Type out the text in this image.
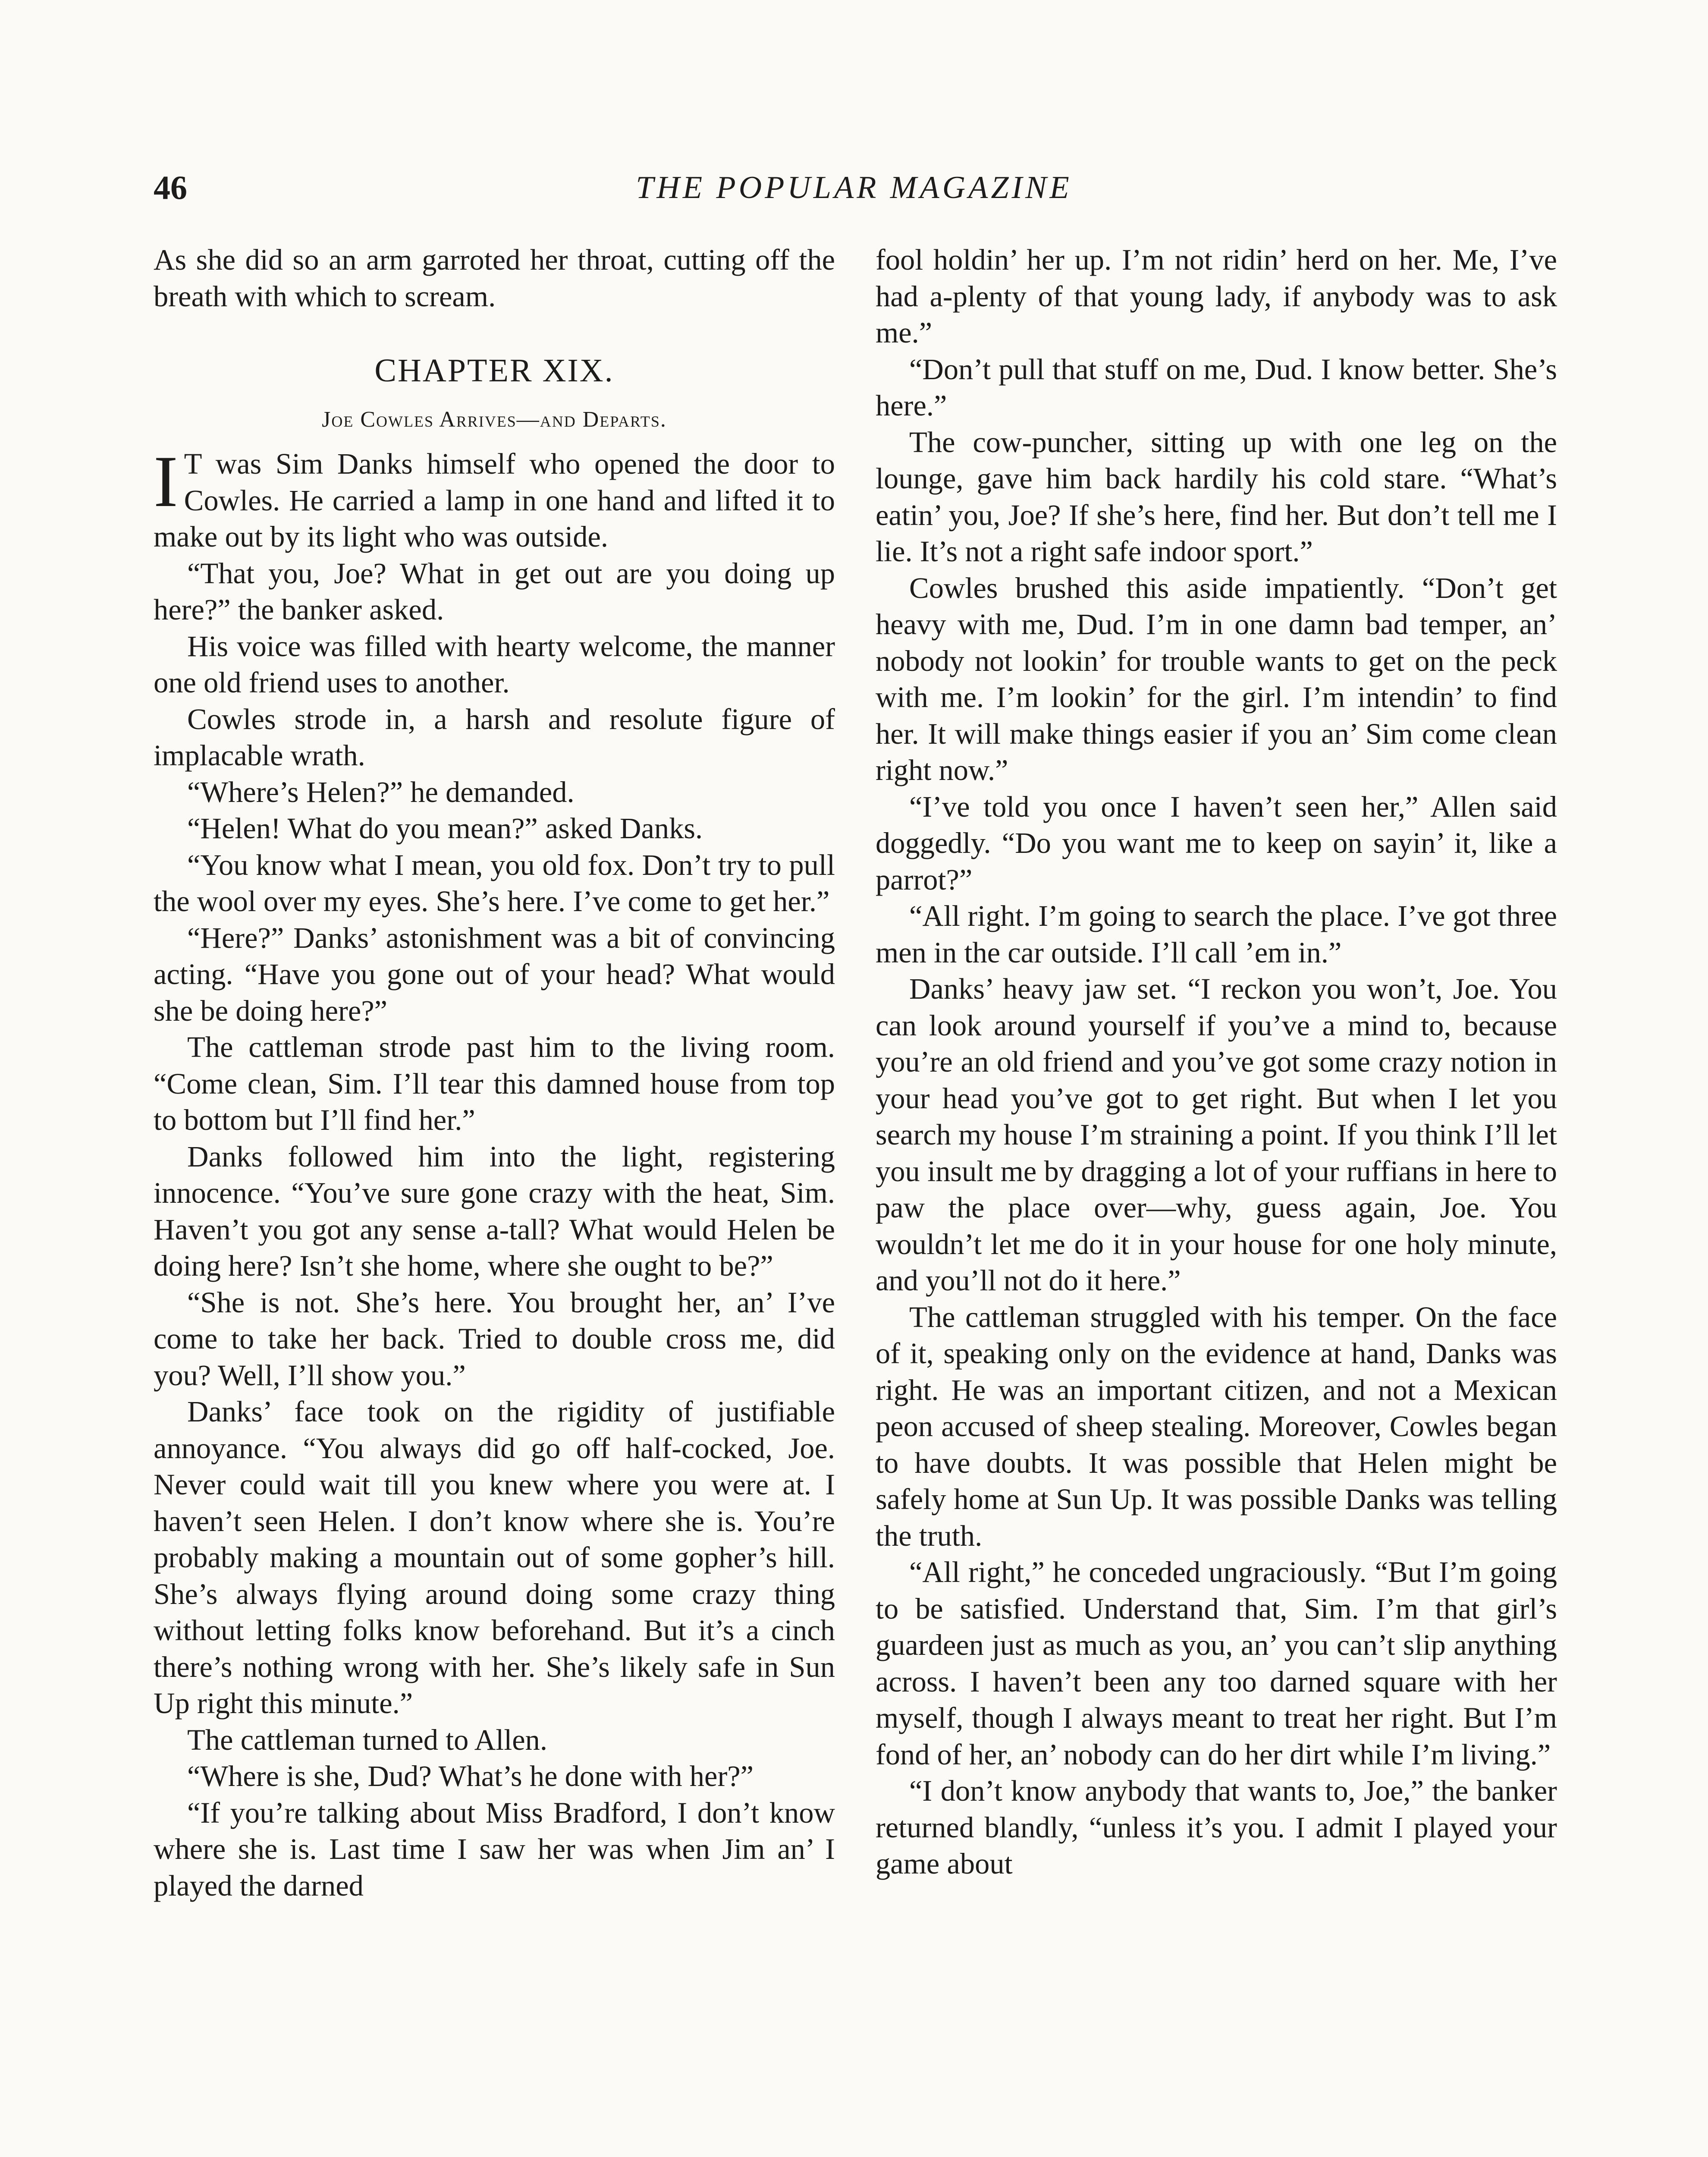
46	THE POPULAR MAGAZINE

As she did so an arm garroted her throat, cutting off the breath with which to scream.

CHAPTER XIX.
Joe Cowles Arrives—and Departs.

I T was Sim Danks himself who opened the door to Cowles. He carried a lamp in one hand and lifted it to make out by its light who was outside.

“That you, Joe? What in get out are you doing up here?” the banker asked.

His voice was filled with hearty welcome, the manner one old friend uses to another.

Cowles strode in, a harsh and resolute figure of implacable wrath.

“Where’s Helen?” he demanded.

“Helen! What do you mean?” asked Danks.

“You know what I mean, you old fox. Don’t try to pull the wool over my eyes. She’s here. I’ve come to get her.”

“Here?” Danks’ astonishment was a bit of convincing acting. “Have you gone out of your head? What would she be doing here?”

The cattleman strode past him to the living room. “Come clean, Sim. I’ll tear this damned house from top to bottom but I’ll find her.”

Danks followed him into the light, registering innocence. “You’ve sure gone crazy with the heat, Sim. Haven’t you got any sense a-tall? What would Helen be doing here? Isn’t she home, where she ought to be?”

“She is not. She’s here. You brought her, an’ I’ve come to take her back. Tried to double cross me, did you? Well, I’ll show you.”

Danks’ face took on the rigidity of justifiable annoyance. “You always did go off half-cocked, Joe. Never could wait till you knew where you were at. I haven’t seen Helen. I don’t know where she is. You’re probably making a mountain out of some gopher’s hill. She’s always flying around doing some crazy thing without letting folks know beforehand. But it’s a cinch there’s nothing wrong with her. She’s likely safe in Sun Up right this minute.”

The cattleman turned to Allen.

“Where is she, Dud? What’s he done with her?”

“If you’re talking about Miss Bradford, I don’t know where she is. Last time I saw her was when Jim an’ I played the darned

fool holdin’ her up. I’m not ridin’ herd on her. Me, I’ve had a-plenty of that young lady, if anybody was to ask me.”

“Don’t pull that stuff on me, Dud. I know better. She’s here.”

The cow-puncher, sitting up with one leg on the lounge, gave him back hardily his cold stare. “What’s eatin’ you, Joe? If she’s here, find her. But don’t tell me I lie. It’s not a right safe indoor sport.”

Cowles brushed this aside impatiently. “Don’t get heavy with me, Dud. I’m in one damn bad temper, an’ nobody not lookin’ for trouble wants to get on the peck with me. I’m lookin’ for the girl. I’m intendin’ to find her. It will make things easier if you an’ Sim come clean right now.”

“I’ve told you once I haven’t seen her,” Allen said doggedly. “Do you want me to keep on sayin’ it, like a parrot?”

“All right. I’m going to search the place. I’ve got three men in the car outside. I’ll call ’em in.”

Danks’ heavy jaw set. “I reckon you won’t, Joe. You can look around yourself if you’ve a mind to, because you’re an old friend and you’ve got some crazy notion in your head you’ve got to get right. But when I let you search my house I’m straining a point. If you think I’ll let you insult me by dragging a lot of your ruffians in here to paw the place over—why, guess again, Joe. You wouldn’t let me do it in your house for one holy minute, and you’ll not do it here.”

The cattleman struggled with his temper. On the face of it, speaking only on the evidence at hand, Danks was right. He was an important citizen, and not a Mexican peon accused of sheep stealing. Moreover, Cowles began to have doubts. It was possible that Helen might be safely home at Sun Up. It was possible Danks was telling the truth.

“All right,” he conceded ungraciously. “But I’m going to be satisfied. Understand that, Sim. I’m that girl’s guardeen just as much as you, an’ you can’t slip anything across. I haven’t been any too darned square with her myself, though I always meant to treat her right. But I’m fond of her, an’ nobody can do her dirt while I’m living.”

“I don’t know anybody that wants to, Joe,” the banker returned blandly, “unless it’s you. I admit I played your game about
